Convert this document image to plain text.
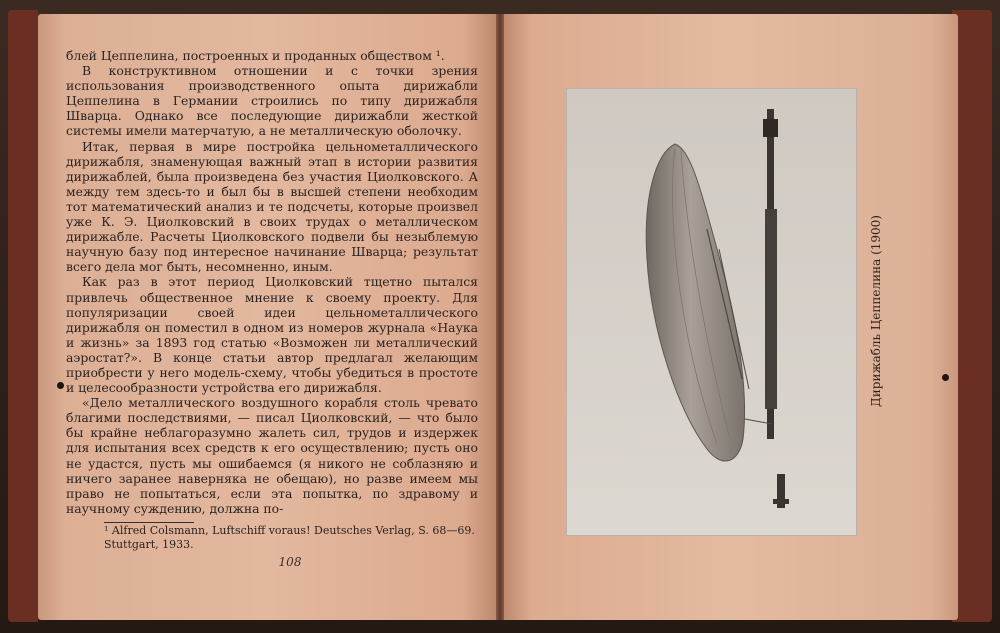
блей Цеппелина, построенных и проданных обществом ¹.

В конструктивном отношении и с точки зрения использования производственного опыта дирижабли Цеппелина в Германии строились по типу дирижабля Шварца. Однако все последующие дирижабли жесткой системы имели матерчатую, а не металлическую оболочку.

Итак, первая в мире постройка цельнометаллического дирижабля, знаменующая важный этап в истории развития дирижаблей, была произведена без участия Циолковского. А между тем здесь-то и был бы в высшей степени необходим тот математический анализ и те подсчеты, которые произвел уже К. Э. Циолковский в своих трудах о металлическом дирижабле. Расчеты Циолковского подвели бы незыблемую научную базу под интересное начинание Шварца; результат всего дела мог быть, несомненно, иным.

Как раз в этот период Циолковский тщетно пытался привлечь общественное мнение к своему проекту. Для популяризации своей идеи цельнометаллического дирижабля он поместил в одном из номеров журнала «Наука и жизнь» за 1893 год статью «Возможен ли металлический аэростат?». В конце статьи автор предлагал желающим приобрести у него модель-схему, чтобы убедиться в простоте и целесообразности устройства его дирижабля.

«Дело металлического воздушного корабля столь чревато благими последствиями, — писал Циолковский, — что было бы крайне неблагоразумно жалеть сил, трудов и издержек для испытания всех средств к его осуществлению; пусть оно не удастся, пусть мы ошибаемся (я никого не соблазняю и ничего заранее наверняка не обещаю), но разве имеем мы право не попытаться, если эта попытка, по здравому и научному суждению, должна по-

¹ Alfred Colsmann, Luftschiff voraus! Deutsches Verlag, S. 68—69. Stuttgart, 1933.
108
Дирижабль Цеппелина (1900)
